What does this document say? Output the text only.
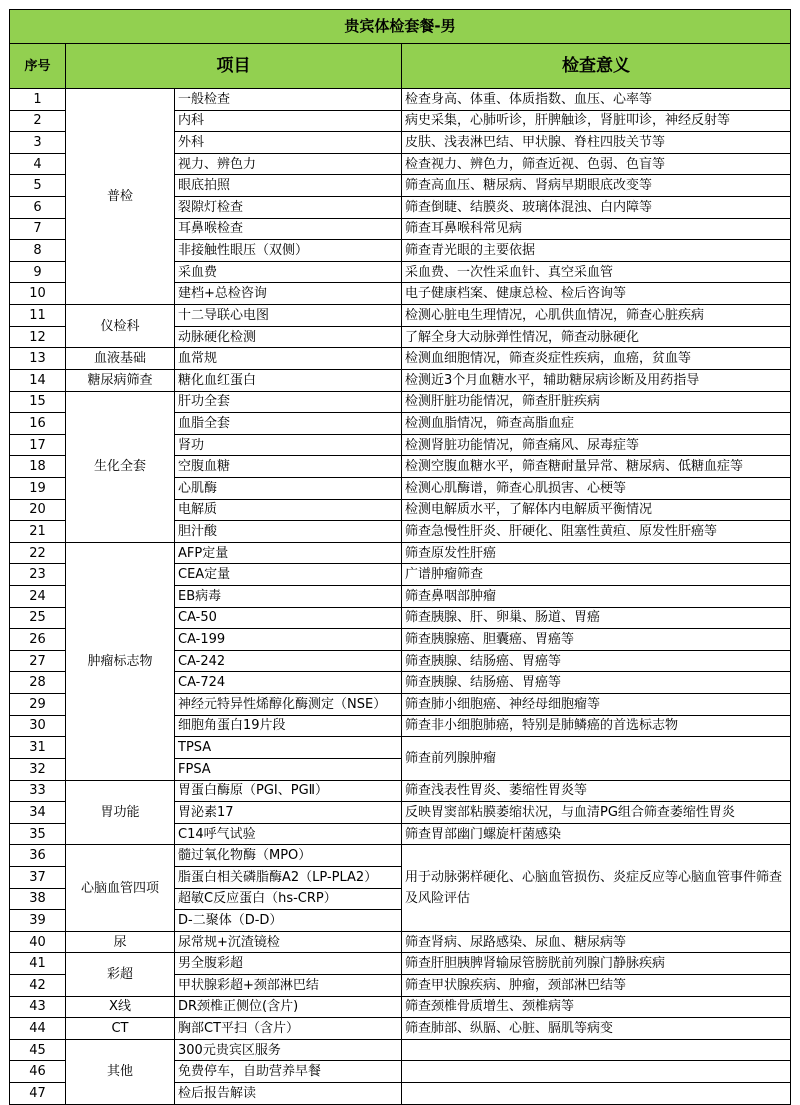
贵宾体检套餐-男			
序号	项目		检查意义
1	普检	一般检查	检查身高、体重、体质指数、血压、心率等
2		内科	病史采集，心肺听诊，肝脾触诊，肾脏叩诊，神经反射等
3		外科	皮肤、浅表淋巴结、甲状腺、脊柱四肢关节等
4		视力、辨色力	检查视力、辨色力，筛查近视、色弱、色盲等
5		眼底拍照	筛查高血压、糖尿病、肾病早期眼底改变等
6		裂隙灯检查	筛查倒睫、结膜炎、玻璃体混浊、白内障等
7		耳鼻喉检查	筛查耳鼻喉科常见病
8		非接触性眼压（双侧）	筛查青光眼的主要依据
9		采血费	采血费、一次性采血针、真空采血管
10		建档+总检咨询	电子健康档案、健康总检、检后咨询等
11	仪检科	十二导联心电图	检测心脏电生理情况，心肌供血情况，筛查心脏疾病
12		动脉硬化检测	了解全身大动脉弹性情况，筛查动脉硬化
13	血液基础	血常规	检测血细胞情况，筛查炎症性疾病，血癌，贫血等
14	糖尿病筛查	糖化血红蛋白	检测近3个月血糖水平，辅助糖尿病诊断及用药指导
15	生化全套	肝功全套	检测肝脏功能情况，筛查肝脏疾病
16		血脂全套	检测血脂情况，筛查高脂血症
17		肾功	检测肾脏功能情况，筛查痛风、尿毒症等
18		空腹血糖	检测空腹血糖水平，筛查糖耐量异常、糖尿病、低糖血症等
19		心肌酶	检测心肌酶谱，筛查心肌损害、心梗等
20		电解质	检测电解质水平，了解体内电解质平衡情况
21		胆汁酸	筛查急慢性肝炎、肝硬化、阻塞性黄疸、原发性肝癌等
22	肿瘤标志物	AFP定量	筛查原发性肝癌
23		CEA定量	广谱肿瘤筛查
24		EB病毒	筛查鼻咽部肿瘤
25		CA-50	筛查胰腺、肝、卵巢、肠道、胃癌
26		CA-199	筛查胰腺癌、胆囊癌、胃癌等
27		CA-242	筛查胰腺、结肠癌、胃癌等
28		CA-724	筛查胰腺、结肠癌、胃癌等
29		神经元特异性烯醇化酶测定（NSE）	筛查肺小细胞癌、神经母细胞瘤等
30		细胞角蛋白19片段	筛查非小细胞肺癌，特别是肺鳞癌的首选标志物
31		TPSA	筛查前列腺肿瘤
32		FPSA	
33	胃功能	胃蛋白酶原（PGⅠ、PGⅡ）	筛查浅表性胃炎、萎缩性胃炎等
34		胃泌素17	反映胃窦部粘膜萎缩状况，与血清PG组合筛查萎缩性胃炎
35		C14呼气试验	筛查胃部幽门螺旋杆菌感染
36	心脑血管四项	髓过氧化物酶（MPO）	用于动脉粥样硬化、心脑血管损伤、炎症反应等心脑血管事件筛查及风险评估
37		脂蛋白相关磷脂酶A2（LP-PLA2）	
38		超敏C反应蛋白（hs-CRP）	
39		D-二聚体（D-D）	
40	尿	尿常规+沉渣镜检	筛查肾病、尿路感染、尿血、糖尿病等
41	彩超	男全腹彩超	筛查肝胆胰脾肾输尿管膀胱前列腺门静脉疾病
42		甲状腺彩超+颈部淋巴结	筛查甲状腺疾病、肿瘤，颈部淋巴结等
43	X线	DR颈椎正侧位(含片)	筛查颈椎骨质增生、颈椎病等
44	CT	胸部CT平扫（含片）	筛查肺部、纵膈、心脏、膈肌等病变
45	其他	300元贵宾区服务	
46		免费停车，自助营养早餐	
47		检后报告解读	
